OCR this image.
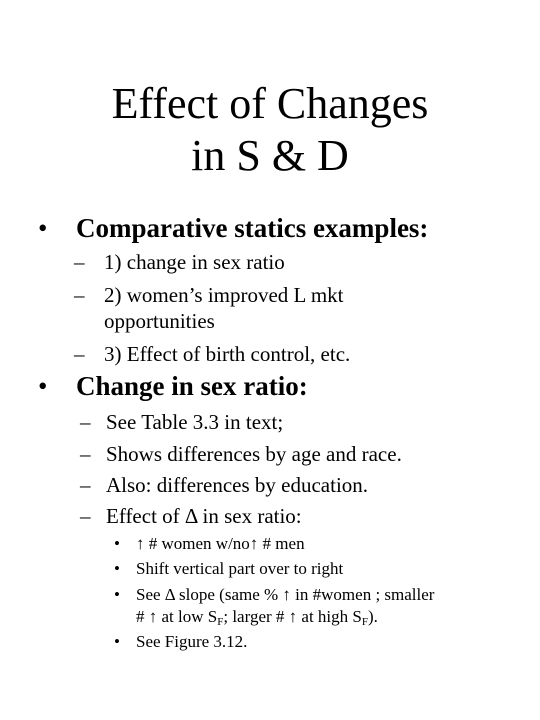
Effect of Changes
in S & D
• Comparative statics examples:
– 1) change in sex ratio
– 2) women’s improved L mkt
opportunities
– 3) Effect of birth control, etc.
• Change in sex ratio:
– See Table 3.3 in text;
– Shows differences by age and race.
– Also: differences by education.
– Effect of Δ in sex ratio:
• ↑ # women w/no↑ # men
• Shift vertical part over to right
• See Δ slope (same % ↑ in #women ; smaller
# ↑ at low $S_F$; larger # ↑ at high $S_F$).
• See Figure 3.12.
